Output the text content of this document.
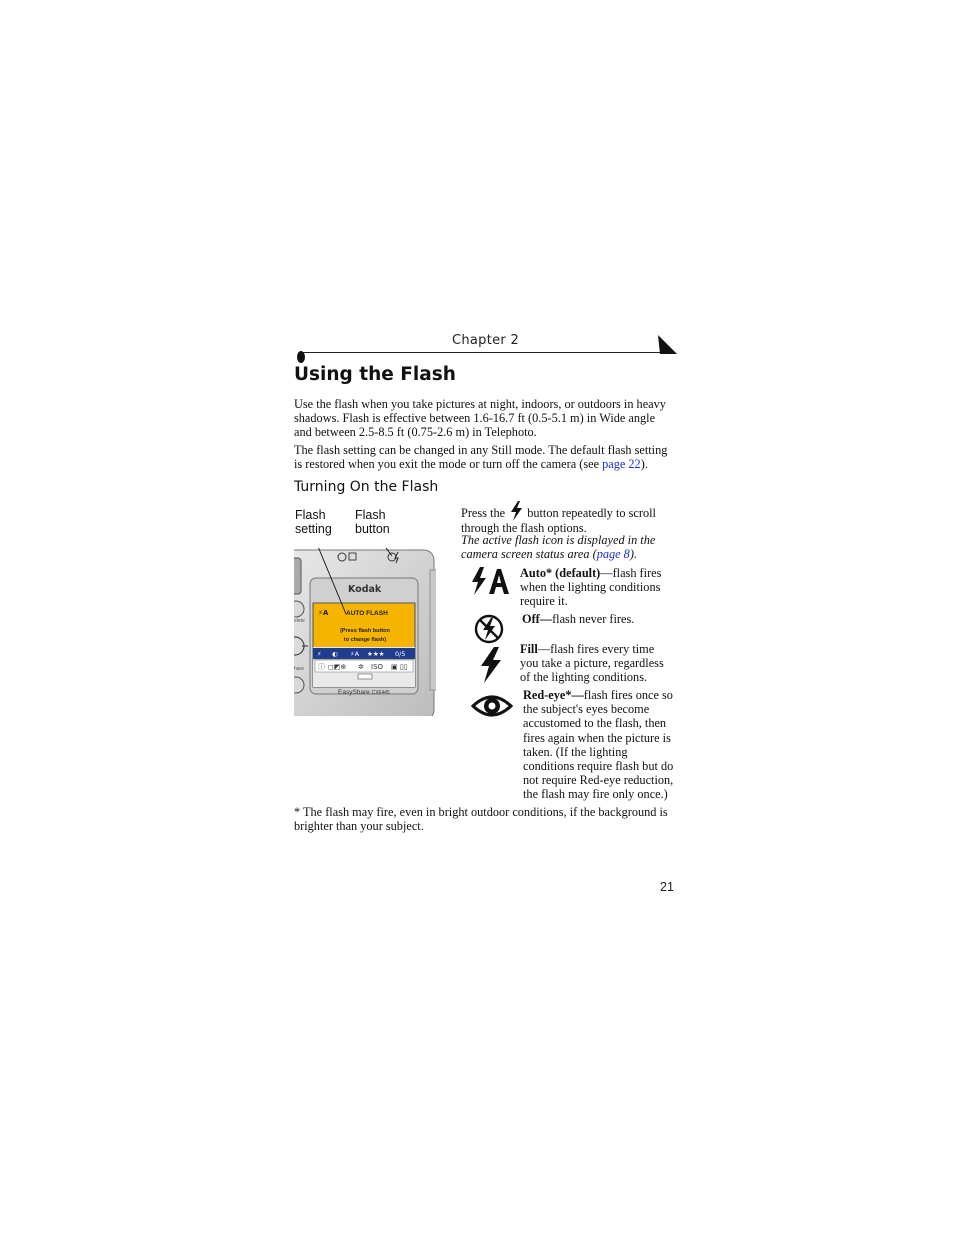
Chapter 2
Using the Flash

Use the flash when you take pictures at night, indoors, or outdoors in heavy shadows. Flash is effective between 1.6-16.7 ft (0.5-5.1 m) in Wide angle and between 2.5-8.5 ft (0.75-2.6 m) in Telephoto.

The flash setting can be changed in any Still mode. The default flash setting is restored when you exit the mode or turn off the camera (see page 22).

Turning On the Flash
Flash
setting
Flash
button
⚡ ◐ ⚡A ★★★ 0/5
ⓘ ◻◩⊕ ✲ ISO ▣ ▯▯
Kodak
⚡A	AUTO FLASH
(Press flash button
to change flash)
EasyShare CX6445
elete
hare

Press the button repeatedly to scroll through the flash options.

The active flash icon is displayed in the camera screen status area (page 8).

Auto* (default)—flash fires when the lighting conditions require it.

Off—flash never fires.

Fill—flash fires every time you take a picture, regardless of the lighting conditions.

Red-eye*—flash fires once so the subject's eyes become accustomed to the flash, then fires again when the picture is taken. (If the lighting conditions require flash but do not require Red-eye reduction, the flash may fire only once.)

* The flash may fire, even in bright outdoor conditions, if the background is brighter than your subject.

21
